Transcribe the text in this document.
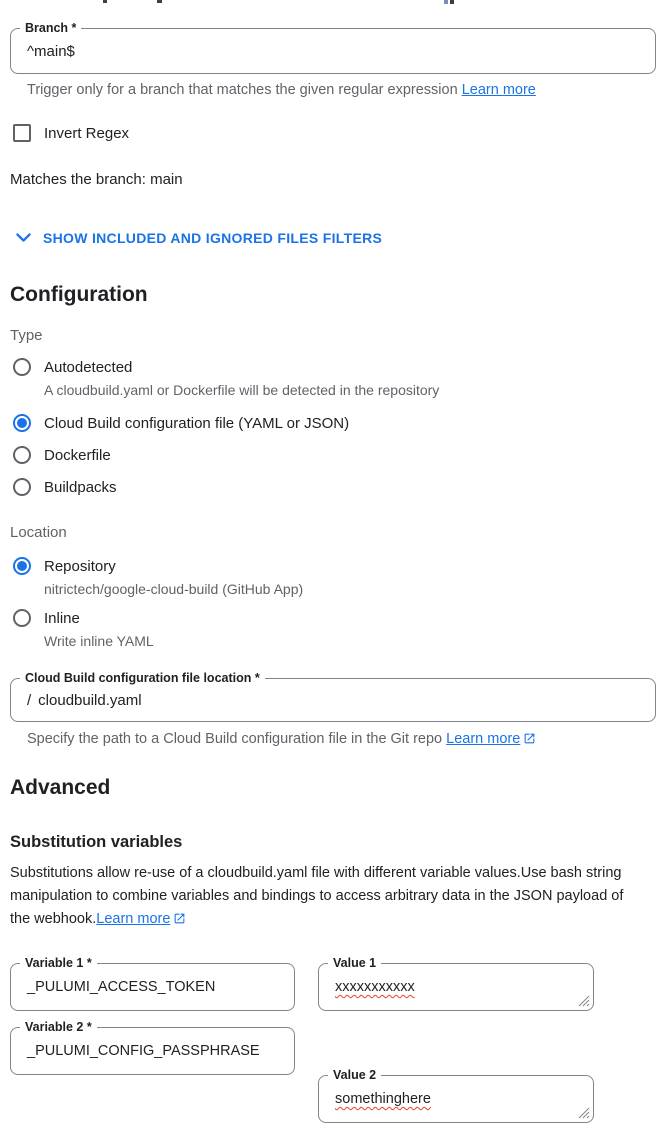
Branch *
^main$
Trigger only for a branch that matches the given regular expression Learn more
Invert Regex
Matches the branch: main
SHOW INCLUDED AND IGNORED FILES FILTERS
Configuration
Type
Autodetected
A cloudbuild.yaml or Dockerfile will be detected in the repository
Cloud Build configuration file (YAML or JSON)
Dockerfile
Buildpacks
Location
Repository
nitrictech/google-cloud-build (GitHub App)
Inline
Write inline YAML
Cloud Build configuration file location *
/ cloudbuild.yaml
Specify the path to a Cloud Build configuration file in the Git repo Learn more
Advanced
Substitution variables
Substitutions allow re-use of a cloudbuild.yaml file with different variable values.Use bash string
manipulation to combine variables and bindings to access arbitrary data in the JSON payload of
the webhook.Learn more
Variable 1 *
_PULUMI_ACCESS_TOKEN
Value 1
xxxxxxxxxxx
Variable 2 *
_PULUMI_CONFIG_PASSPHRASE
Value 2
somethinghere
